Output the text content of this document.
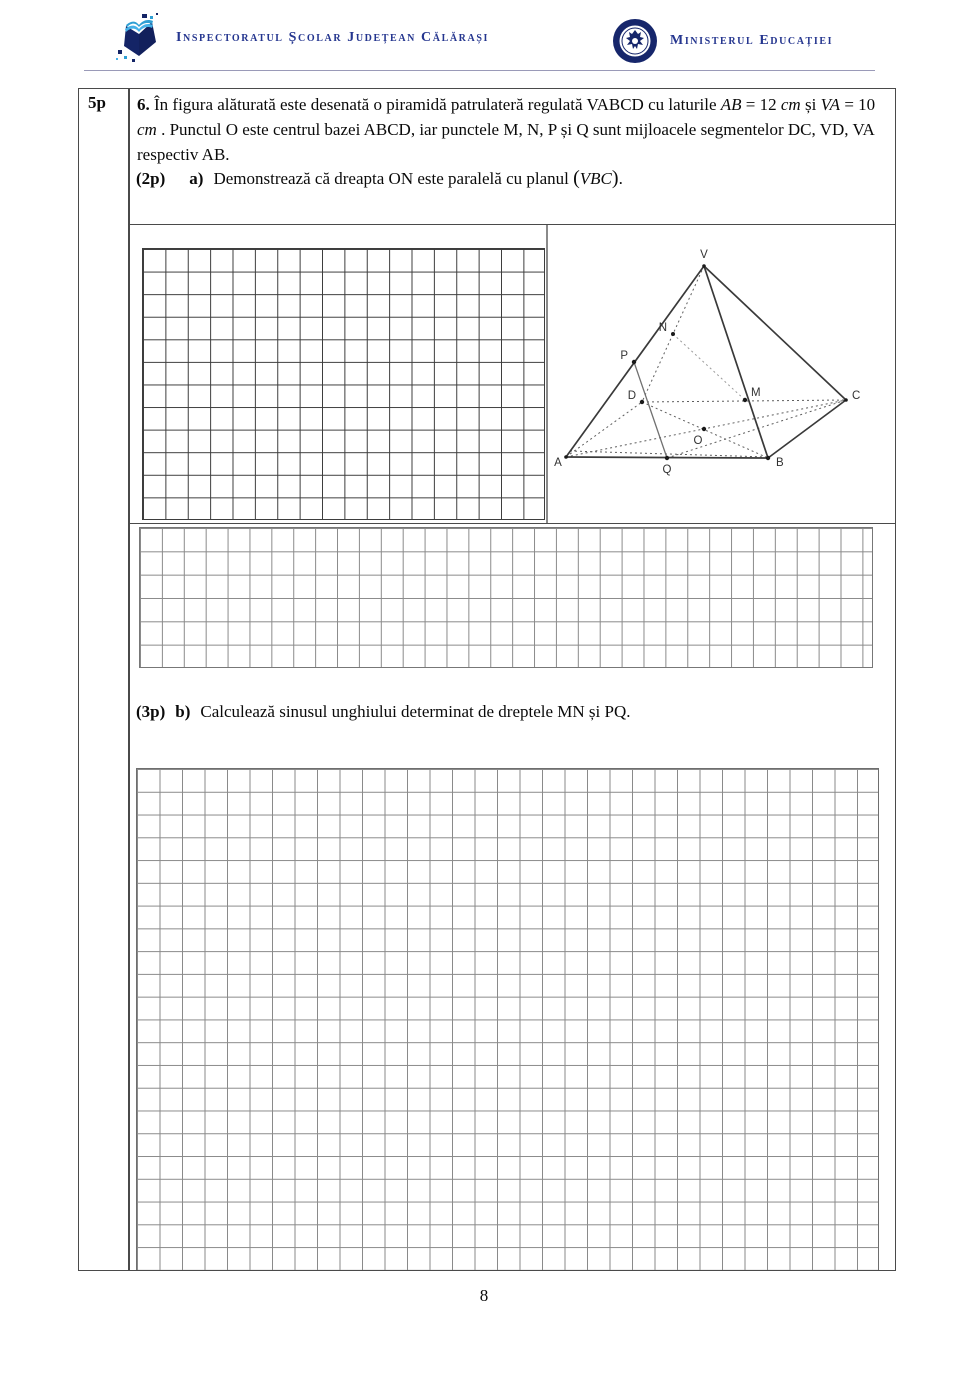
Inspectoratul Școlar Județean Călărași	Ministerul Educației
5p 6. În figura alăturată este desenată o piramidă patrulateră regulată VABCD cu laturile AB = 12 cm și VA = 10 cm . Punctul O este centrul bazei ABCD, iar punctele M, N, P și Q sunt mijloacele segmentelor DC, VD, VA respectiv AB.
(2p) a) Demonstrează că dreapta ON este paralelă cu planul (VBC).
V
N
P
D	M	C
O
A
Q
B
(3p) b) Calculează sinusul unghiului determinat de dreptele MN și PQ.
8
